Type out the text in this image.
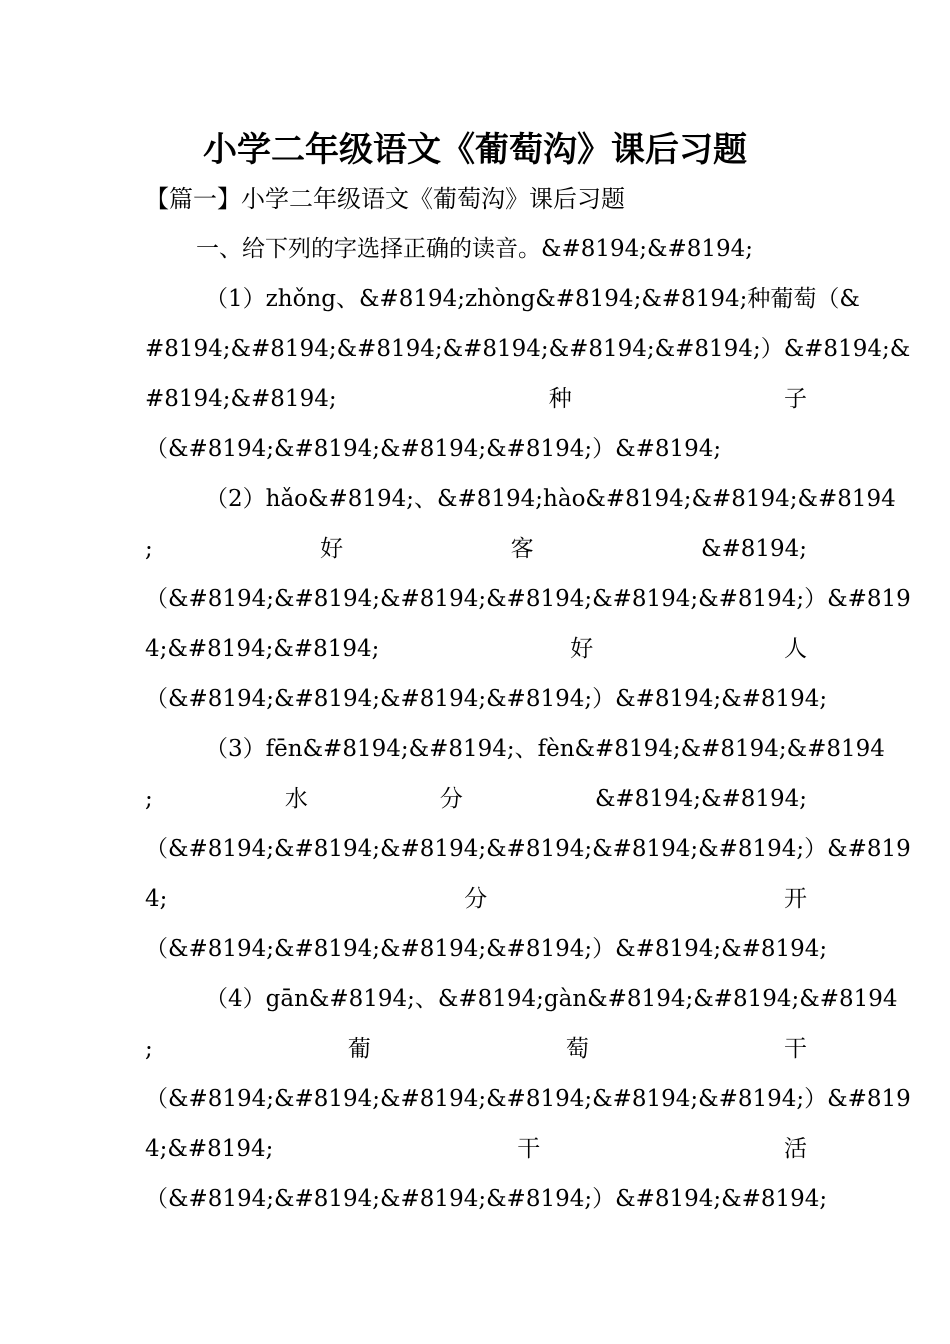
小学二年级语文《葡萄沟》课后习题
【篇一】小学二年级语文《葡萄沟》课后习题
一、给下列的字选择正确的读音。&#8194;&#8194;
（1）zhǒng、&#8194;zhòng&#8194;&#8194;种葡萄（&
#8194;&#8194;&#8194;&#8194;&#8194;&#8194;）&#8194;&
#8194;&#8194;	种	子
（&#8194;&#8194;&#8194;&#8194;）&#8194;
（2）hǎo&#8194;、&#8194;hào&#8194;&#8194;&#8194
;	好	客	&#8194;
（&#8194;&#8194;&#8194;&#8194;&#8194;&#8194;）&#819
4;&#8194;&#8194;	好	人
（&#8194;&#8194;&#8194;&#8194;）&#8194;&#8194;
（3）fēn&#8194;&#8194;、fèn&#8194;&#8194;&#8194
;	水	分	&#8194;&#8194;
（&#8194;&#8194;&#8194;&#8194;&#8194;&#8194;）&#819
4;	分	开
（&#8194;&#8194;&#8194;&#8194;）&#8194;&#8194;
（4）gān&#8194;、&#8194;gàn&#8194;&#8194;&#8194
;	葡	萄	干
（&#8194;&#8194;&#8194;&#8194;&#8194;&#8194;）&#819
4;&#8194;	干	活
（&#8194;&#8194;&#8194;&#8194;）&#8194;&#8194;
